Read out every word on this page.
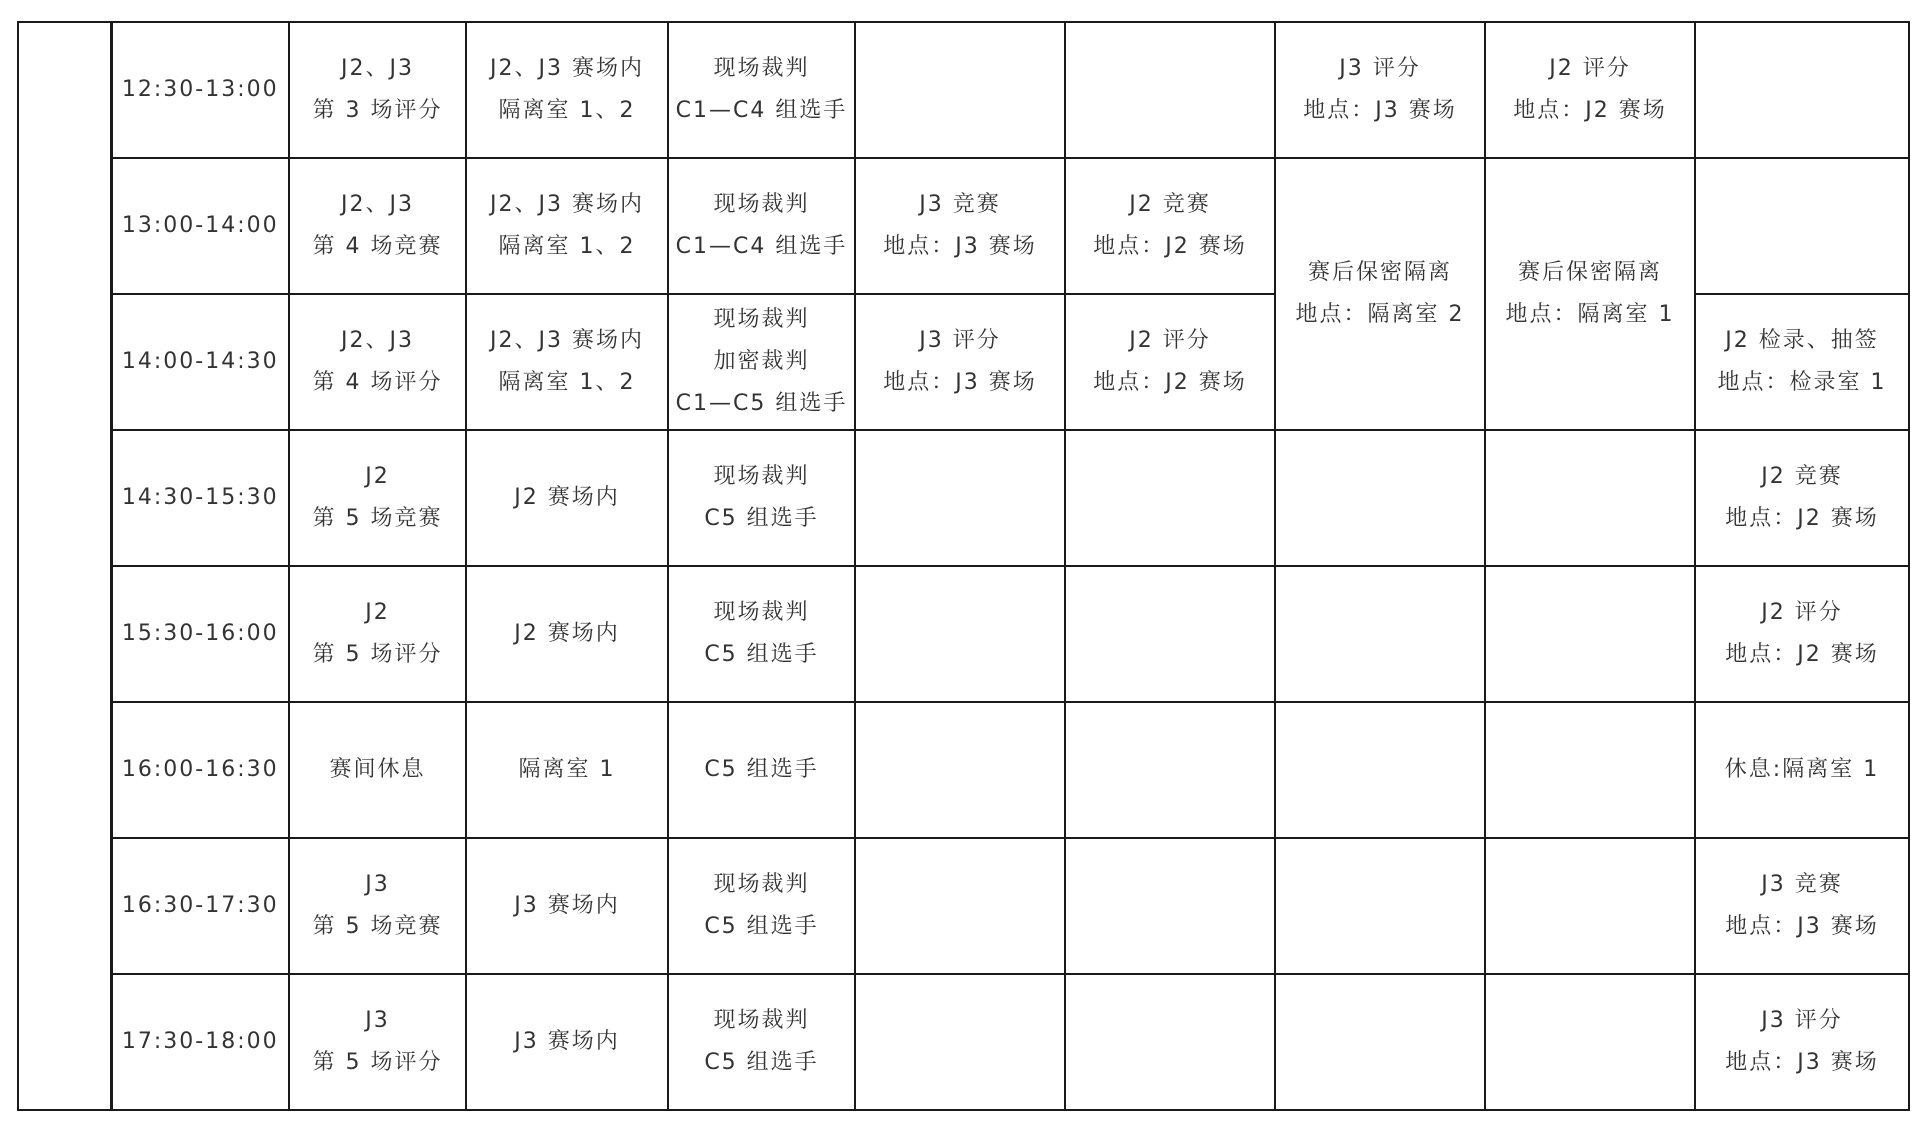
	12:30-13:00	J2、J3
第 3 场评分	J2、J3 赛场内
隔离室 1、2	现场裁判
C1—C4 组选手			J3 评分
地点：J3 赛场	J2 评分
地点：J2 赛场	

	13:00-14:00	J2、J3
第 4 场竞赛	J2、J3 赛场内
隔离室 1、2	现场裁判
C1—C4 组选手	J3 竞赛
地点：J3 赛场	J2 竞赛
地点：J2 赛场	赛后保密隔离
地点：隔离室 2	赛后保密隔离
地点：隔离室 1	

	14:00-14:30	J2、J3
第 4 场评分	J2、J3 赛场内
隔离室 1、2	现场裁判
加密裁判
C1—C5 组选手	J3 评分
地点：J3 赛场	J2 评分
地点：J2 赛场			J2 检录、抽签
地点：检录室 1

	14:30-15:30	J2
第 5 场竞赛	J2 赛场内	现场裁判
C5 组选手					J2 竞赛
地点：J2 赛场

	15:30-16:00	J2
第 5 场评分	J2 赛场内	现场裁判
C5 组选手					J2 评分
地点：J2 赛场

	16:00-16:30	赛间休息	隔离室 1	C5 组选手					休息:隔离室 1

	16:30-17:30	J3
第 5 场竞赛	J3 赛场内	现场裁判
C5 组选手					J3 竞赛
地点：J3 赛场

	17:30-18:00	J3
第 5 场评分	J3 赛场内	现场裁判
C5 组选手					J3 评分
地点：J3 赛场
